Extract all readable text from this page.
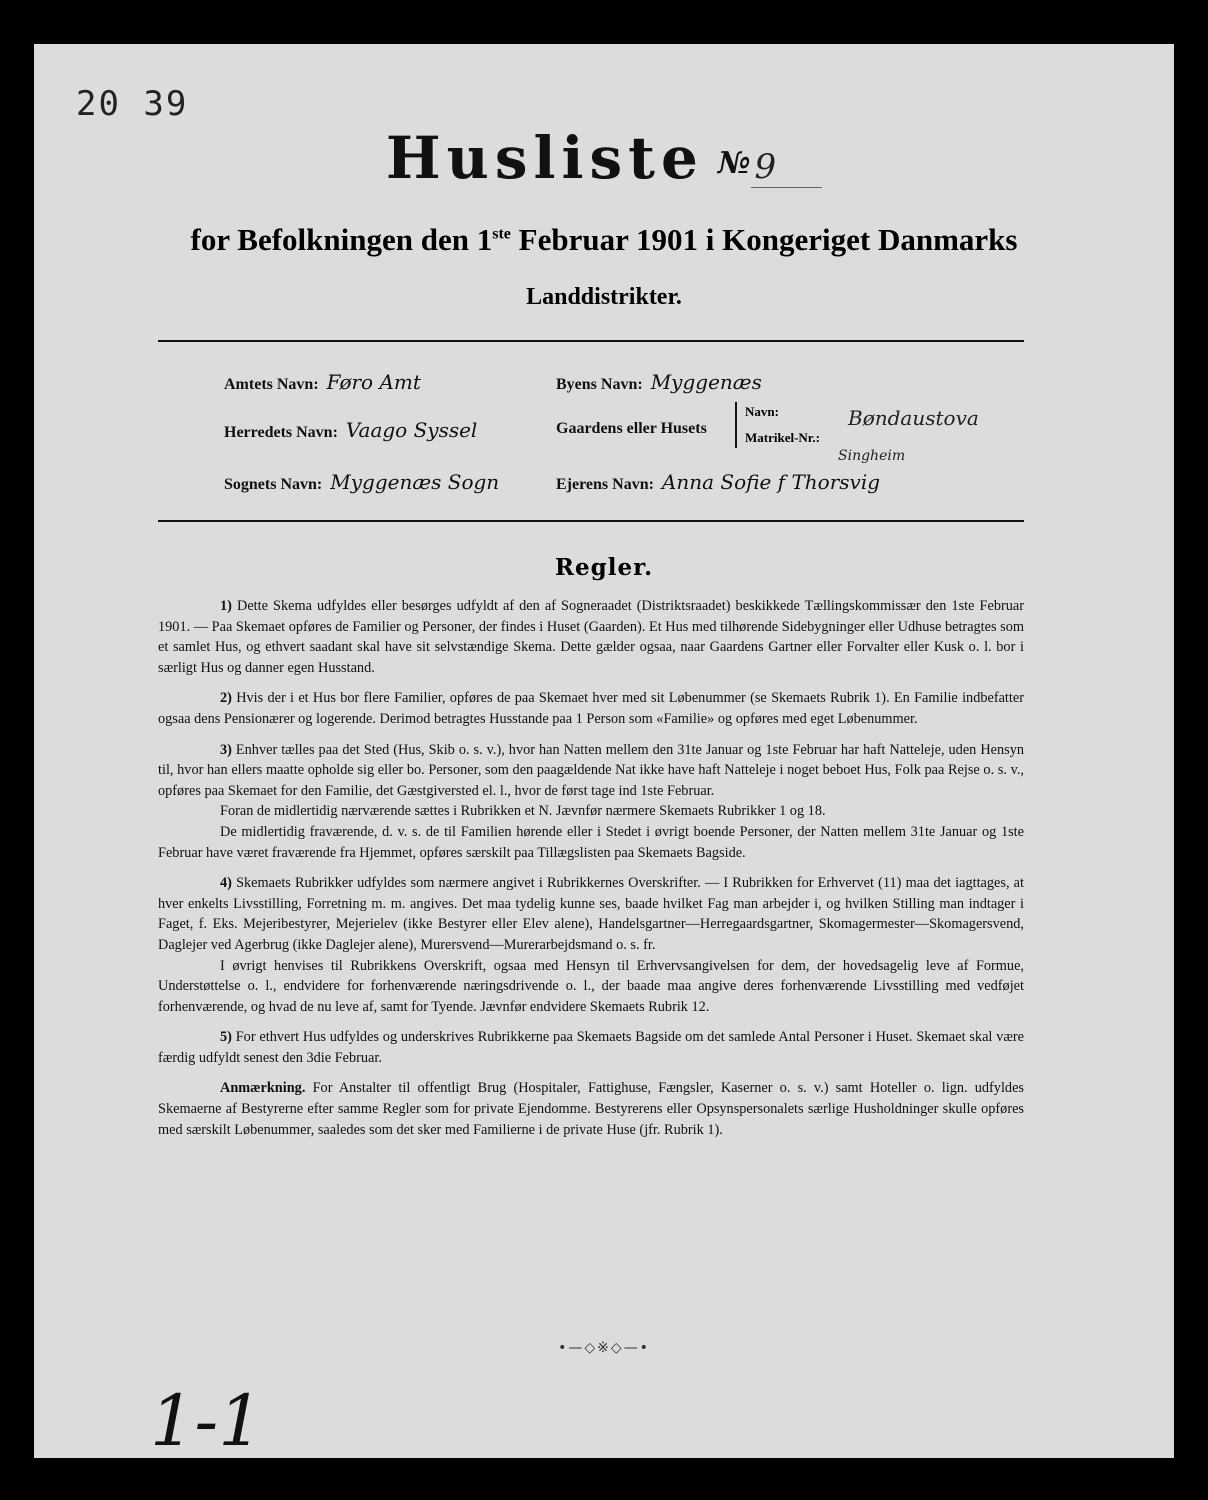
20 39
Husliste № 9
for Befolkningen den 1ste Februar 1901 i Kongeriget Danmarks
Landdistrikter.
Amtets Navn: Føro Amt
Herredets Navn: Vaago Syssel
Sognets Navn: Myggenæs Sogn
Byens Navn: Myggenæs
Gaardens eller Husets
Navn:
Matrikel-Nr.:
Bøndaustova
Ejerens Navn: Anna Sofie f Thorsvig
Singheim
Regler.

1) Dette Skema udfyldes eller besørges udfyldt af den af Sogneraadet (Distriktsraadet) beskikkede Tællingskommissær den 1ste Februar 1901. — Paa Skemaet opføres de Familier og Personer, der findes i Huset (Gaarden). Et Hus med tilhørende Sidebygninger eller Udhuse betragtes som et samlet Hus, og ethvert saadant skal have sit selvstændige Skema. Dette gælder ogsaa, naar Gaardens Gartner eller Forvalter eller Kusk o. l. bor i særligt Hus og danner egen Husstand.

2) Hvis der i et Hus bor flere Familier, opføres de paa Skemaet hver med sit Løbenummer (se Skemaets Rubrik 1). En Familie indbefatter ogsaa dens Pensionærer og logerende. Derimod betragtes Husstande paa 1 Person som «Familie» og opføres med eget Løbenummer.

3) Enhver tælles paa det Sted (Hus, Skib o. s. v.), hvor han Natten mellem den 31te Januar og 1ste Februar har haft Natteleje, uden Hensyn til, hvor han ellers maatte opholde sig eller bo. Personer, som den paagældende Nat ikke have haft Natteleje i noget beboet Hus, Folk paa Rejse o. s. v., opføres paa Skemaet for den Familie, det Gæstgiversted el. l., hvor de først tage ind 1ste Februar.

Foran de midlertidig nærværende sættes i Rubrikken et N. Jævnfør nærmere Skemaets Rubrikker 1 og 18.

De midlertidig fraværende, d. v. s. de til Familien hørende eller i Stedet i øvrigt boende Personer, der Natten mellem 31te Januar og 1ste Februar have været fraværende fra Hjemmet, opføres særskilt paa Tillægslisten paa Skemaets Bagside.

4) Skemaets Rubrikker udfyldes som nærmere angivet i Rubrikkernes Overskrifter. — I Rubrikken for Erhvervet (11) maa det iagttages, at hver enkelts Livsstilling, Forretning m. m. angives. Det maa tydelig kunne ses, baade hvilket Fag man arbejder i, og hvilken Stilling man indtager i Faget, f. Eks. Mejeribestyrer, Mejerielev (ikke Bestyrer eller Elev alene), Handelsgartner—Herregaardsgartner, Skomagermester—Skomagersvend, Daglejer ved Agerbrug (ikke Daglejer alene), Murersvend—Murerarbejdsmand o. s. fr.

I øvrigt henvises til Rubrikkens Overskrift, ogsaa med Hensyn til Erhvervsangivelsen for dem, der hovedsagelig leve af Formue, Understøttelse o. l., endvidere for forhenværende næringsdrivende o. l., der baade maa angive deres forhenværende Livsstilling med vedføjet forhenværende, og hvad de nu leve af, samt for Tyende. Jævnfør endvidere Skemaets Rubrik 12.

5) For ethvert Hus udfyldes og underskrives Rubrikkerne paa Skemaets Bagside om det samlede Antal Personer i Huset. Skemaet skal være færdig udfyldt senest den 3die Februar.

Anmærkning. For Anstalter til offentligt Brug (Hospitaler, Fattighuse, Fængsler, Kaserner o. s. v.) samt Hoteller o. lign. udfyldes Skemaerne af Bestyrerne efter samme Regler som for private Ejendomme. Bestyrerens eller Opsynspersonalets særlige Husholdninger skulle opføres med særskilt Løbenummer, saaledes som det sker med Familierne i de private Huse (jfr. Rubrik 1).

•—◇※◇—•
1-1
